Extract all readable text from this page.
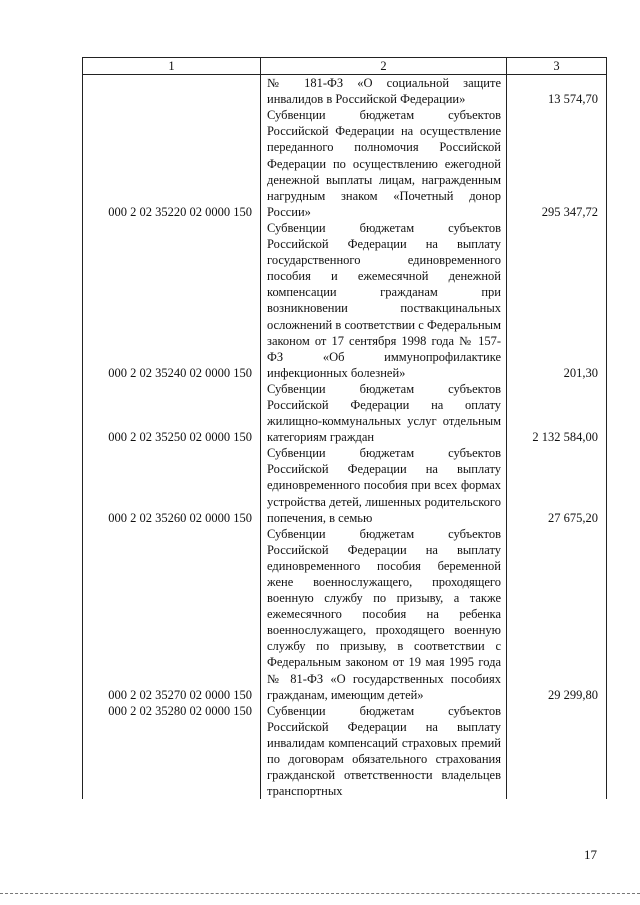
1	2	3
	№ 181-ФЗ «О социальной защите инвалидов в Российской Федерации»	13 574,70
000 2 02 35220 02 0000 150	Субвенции бюджетам субъектов Российской Федерации на осуществление переданного полномочия Российской Федерации по осуществлению ежегодной денежной выплаты лицам, награжденным нагрудным знаком «Почетный донор России»	295 347,72
000 2 02 35240 02 0000 150	Субвенции бюджетам субъектов Российской Федерации на выплату государственного единовременного пособия и ежемесячной денежной компенсации гражданам при возникновении поствакцинальных осложнений в соответствии с Федеральным законом от 17 сентября 1998 года № 157-ФЗ «Об иммунопрофилактике инфекционных болезней»	201,30
000 2 02 35250 02 0000 150	Субвенции бюджетам субъектов Российской Федерации на оплату жилищно-коммунальных услуг отдельным категориям граждан	2 132 584,00
000 2 02 35260 02 0000 150	Субвенции бюджетам субъектов Российской Федерации на выплату единовременного пособия при всех формах устройства детей, лишенных родительского попечения, в семью	27 675,20
000 2 02 35270 02 0000 150	Субвенции бюджетам субъектов Российской Федерации на выплату единовременного пособия беременной жене военнослужащего, проходящего военную службу по призыву, а также ежемесячного пособия на ребенка военнослужащего, проходящего военную службу по призыву, в соответствии с Федеральным законом от 19 мая 1995 года № 81-ФЗ «О государственных пособиях гражданам, имеющим детей»	29 299,80
000 2 02 35280 02 0000 150	Субвенции бюджетам субъектов Российской Федерации на выплату инвалидам компенсаций страховых премий по договорам обязательного страхования гражданской ответственности владельцев транспортных	
17
